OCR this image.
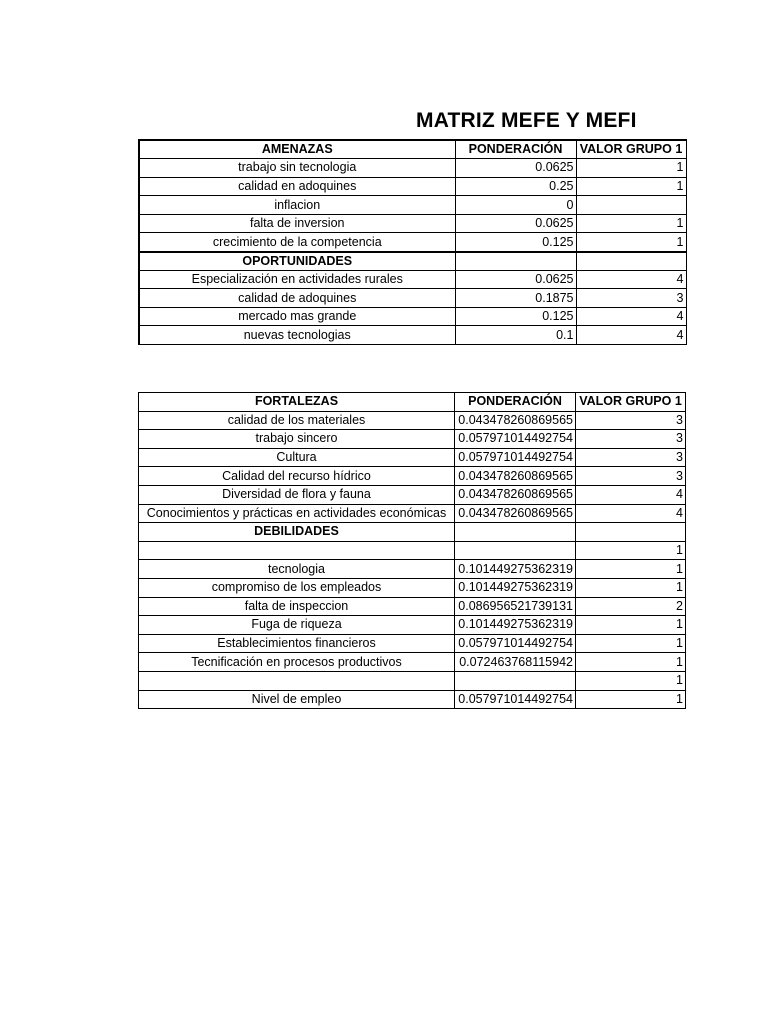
MATRIZ MEFE Y MEFI
AMENAZAS	PONDERACIÓN	VALOR GRUPO 1
trabajo sin tecnologia	0.0625	1
calidad en adoquines	0.25	1
inflacion	0	
falta de inversion	0.0625	1
crecimiento de la competencia	0.125	1
OPORTUNIDADES		
Especialización en actividades rurales	0.0625	4
calidad de adoquines	0.1875	3
mercado mas grande	0.125	4
nuevas tecnologias	0.1	4
FORTALEZAS	PONDERACIÓN	VALOR GRUPO 1
calidad de los materiales	0.043478260869565	3
trabajo sincero	0.057971014492754	3
Cultura	0.057971014492754	3
Calidad del recurso hídrico	0.043478260869565	3
Diversidad de flora y fauna	0.043478260869565	4
Conocimientos y prácticas en actividades económicas	0.043478260869565	4
DEBILIDADES		
		1
tecnologia	0.101449275362319	1
compromiso de los empleados	0.101449275362319	1
falta de inspeccion	0.086956521739131	2
Fuga de riqueza	0.101449275362319	1
Establecimientos financieros	0.057971014492754	1
Tecnificación en procesos productivos	0.072463768115942	1
		1
Nivel de empleo	0.057971014492754	1
